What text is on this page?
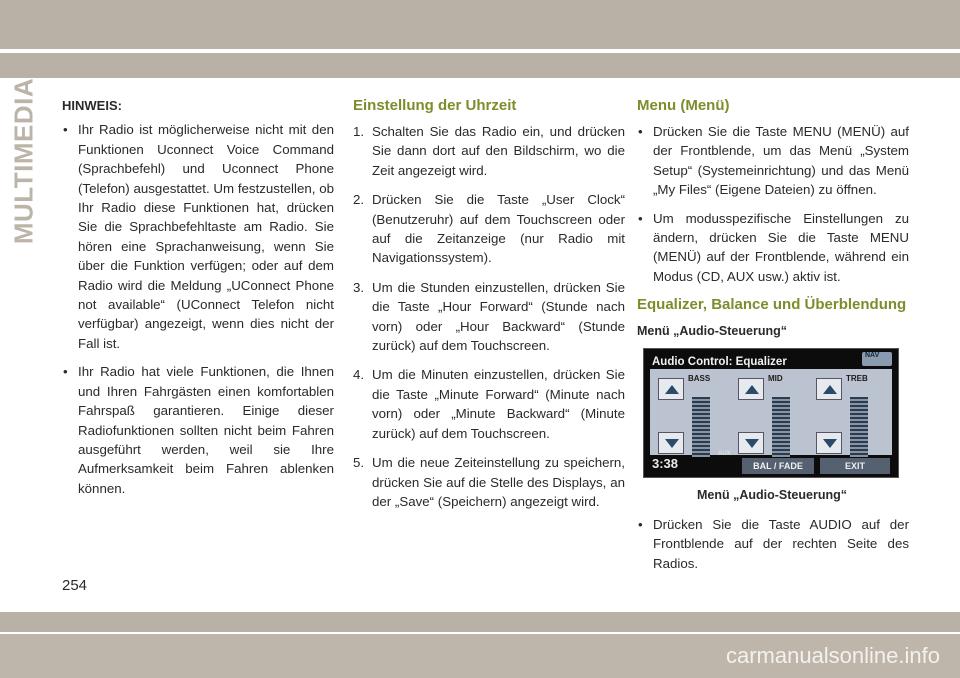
MULTIMEDIA HINWEIS:
• Ihr Radio ist möglicherweise nicht mit den Funktionen Uconnect Voice Command (Sprachbefehl) und Uconnect Phone (Telefon) ausgestattet. Um festzustellen, ob Ihr Radio diese Funktionen hat, drücken Sie die Sprachbefehltaste am Radio. Sie hören eine Sprachanweisung, wenn Sie über die Funktion verfügen; oder auf dem Radio wird die Meldung „UConnect Phone not available“ (UConnect Telefon nicht verfügbar) angezeigt, wenn dies nicht der Fall ist.
• Ihr Radio hat viele Funktionen, die Ihnen und Ihren Fahrgästen einen komfortablen Fahrspaß garantieren. Einige dieser Radiofunktionen sollten nicht beim Fahren ausgeführt werden, weil sie Ihre Aufmerksamkeit beim Fahren ablenken können.
Einstellung der Uhrzeit
1. Schalten Sie das Radio ein, und drücken Sie dann dort auf den Bildschirm, wo die Zeit angezeigt wird.
2. Drücken Sie die Taste „User Clock“ (Benutzeruhr) auf dem Touchscreen oder auf die Zeitanzeige (nur Radio mit Navigationssystem).
3. Um die Stunden einzustellen, drücken Sie die Taste „Hour Forward“ (Stunde nach vorn) oder „Hour Backward“ (Stunde zurück) auf dem Touchscreen.
4. Um die Minuten einzustellen, drücken Sie die Taste „Minute Forward“ (Minute nach vorn) oder „Minute Backward“ (Minute zurück) auf dem Touchscreen.
5. Um die neue Zeiteinstellung zu speichern, drücken Sie auf die Stelle des Displays, an der „Save“ (Speichern) angezeigt wird.
Menu (Menü)
• Drücken Sie die Taste MENU (MENÜ) auf der Frontblende, um das Menü „System Setup“ (Systemeinrichtung) und das Menü „My Files“ (Eigene Dateien) zu öffnen.
• Um modusspezifische Einstellungen zu ändern, drücken Sie die Taste MENU (MENÜ) auf der Frontblende, während ein Modus (CD, AUX usw.) aktiv ist.
Equalizer, Balance und Überblendung
Menü „Audio-Steuerung“
Audio Control: Equalizer
NAV
BASS	MID	TREB
3:38
AUX
BAL / FADE	EXIT
Menü „Audio-Steuerung“
• Drücken Sie die Taste AUDIO auf der Frontblende auf der rechten Seite des Radios.
254
carmanualsonline.info
